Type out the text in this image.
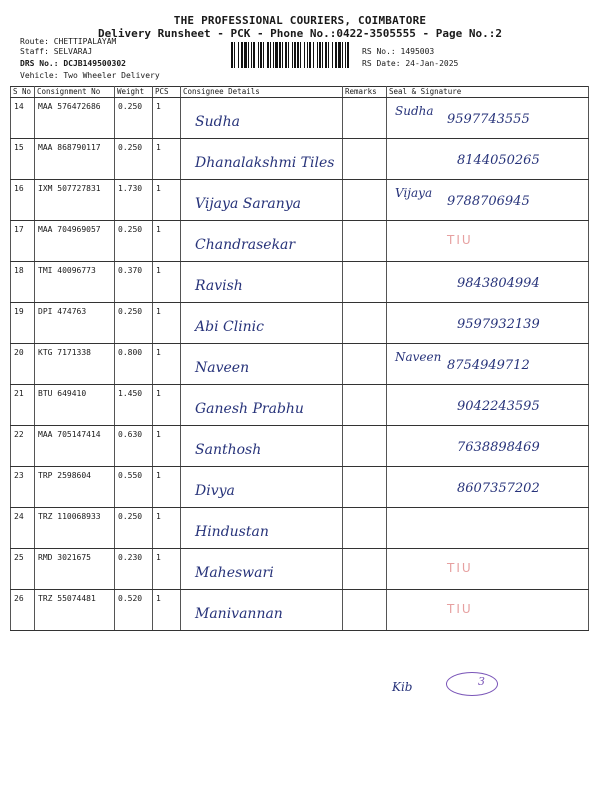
THE PROFESSIONAL COURIERS, COIMBATORE
Delivery Runsheet - PCK - Phone No.:0422-3505555 - Page No.:2
Route: CHETTIPALAYAM
Staff: SELVARAJ
DRS No.: DCJB149500302
Vehicle: Two Wheeler Delivery
RS No.: 1495003
RS Date: 24-Jan-2025
S No	Consignment No	Weight	PCS	Consignee Details	Remarks	Seal & Signature

14	MAA 576472686	0.250	1	Sudha		Sudha
9597743555

15	MAA 868790117	0.250	1	Dhanalakshmi Tiles		8144050265

16	IXM 507727831	1.730	1	Vijaya Saranya		Vijaya
9788706945

17	MAA 704969057	0.250	1	Chandrasekar		TIU

18	TMI 40096773	0.370	1	Ravish		9843804994

19	DPI 474763	0.250	1	Abi Clinic		9597932139

20	KTG 7171338	0.800	1	Naveen		Naveen
8754949712

21	BTU 649410	1.450	1	Ganesh Prabhu		9042243595

22	MAA 705147414	0.630	1	Santhosh		7638898469

23	TRP 2598604	0.550	1	Divya		8607357202

24	TRZ 110068933	0.250	1	Hindustan		

25	RMD 3021675	0.230	1	Maheswari		TIU

26	TRZ 55074481	0.520	1	Manivannan		TIU
Kib	3
